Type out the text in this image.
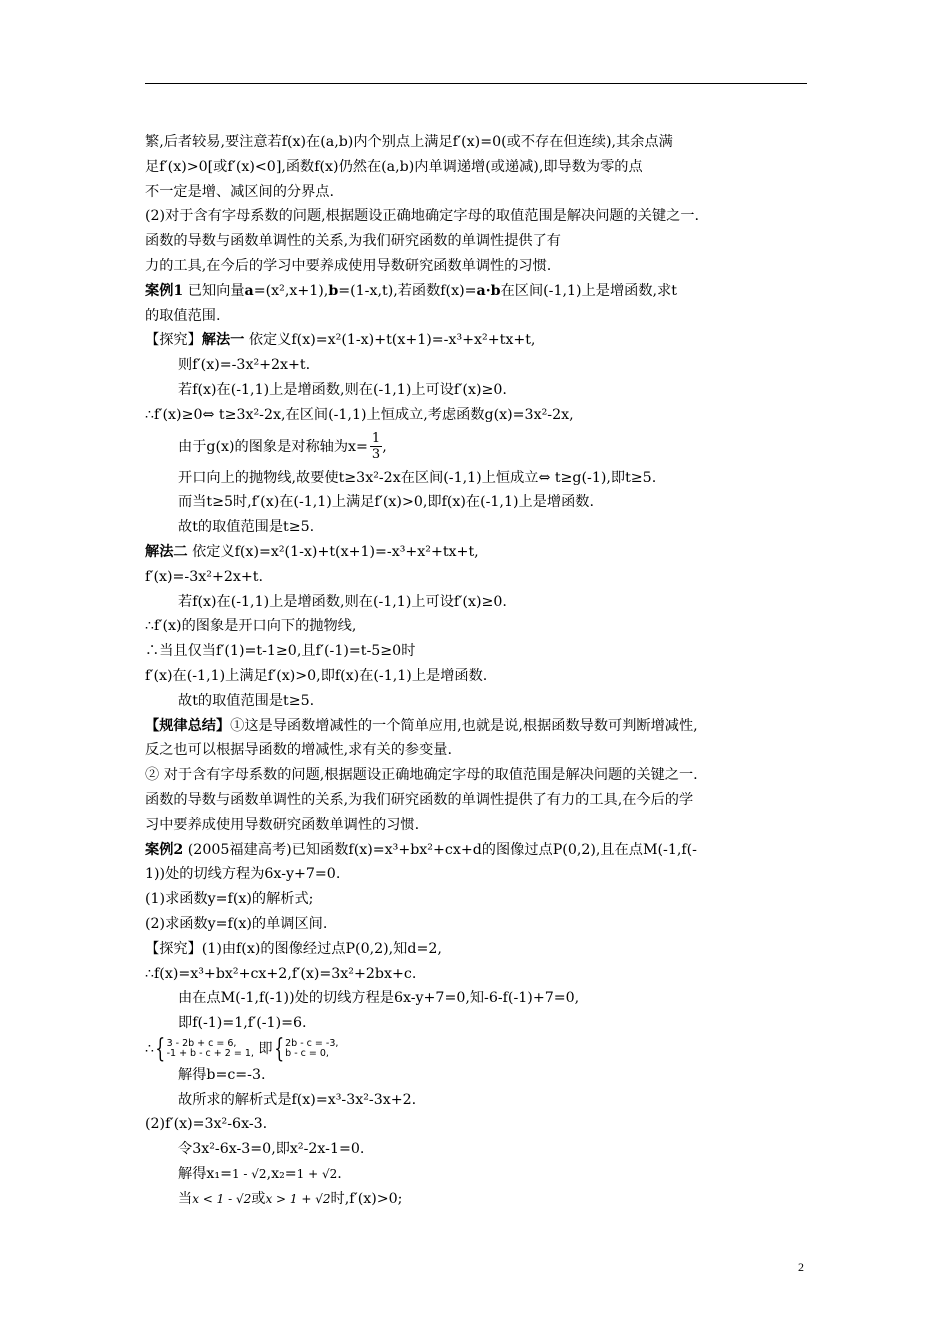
繁,后者较易,要注意若f(x)在(a,b)内个别点上满足f′(x)=0(或不存在但连续),其余点满
足f′(x)>0[或f′(x)<0],函数f(x)仍然在(a,b)内单调递增(或递减),即导数为零的点
不一定是增、减区间的分界点.
(2)对于含有字母系数的问题,根据题设正确地确定字母的取值范围是解决问题的关键之一.
函数的导数与函数单调性的关系,为我们研究函数的单调性提供了有
力的工具,在今后的学习中要养成使用导数研究函数单调性的习惯.
案例1 已知向量a=(x²,x+1),b=(1-x,t),若函数f(x)=a·b在区间(-1,1)上是增函数,求t
的取值范围.
【探究】解法一 依定义f(x)=x²(1-x)+t(x+1)=-x³+x²+tx+t,
则f′(x)=-3x²+2x+t.
若f(x)在(-1,1)上是增函数,则在(-1,1)上可设f′(x)≥0.
∴f′(x)≥0⇔ t≥3x²-2x,在区间(-1,1)上恒成立,考虑函数g(x)=3x²-2x,
由于g(x)的图象是对称轴为$x= \frac{1}{3}$ ,
开口向上的抛物线,故要使t≥3x²-2x在区间(-1,1)上恒成立⇔ t≥g(-1),即t≥5.
而当t≥5时,f′(x)在(-1,1)上满足f′(x)>0,即f(x)在(-1,1)上是增函数.
故t的取值范围是t≥5.
解法二 依定义f(x)=x²(1-x)+t(x+1)=-x³+x²+tx+t,
f′(x)=-3x²+2x+t.
若f(x)在(-1,1)上是增函数,则在(-1,1)上可设f′(x)≥0.
∴f′(x)的图象是开口向下的抛物线,
∴当且仅当f′(1)=t-1≥0,且f′(-1)=t-5≥0时
f′(x)在(-1,1)上满足f′(x)>0,即f(x)在(-1,1)上是增函数.
故t的取值范围是t≥5.
【规律总结】①这是导函数增减性的一个简单应用,也就是说,根据函数导数可判断增减性,
反之也可以根据导函数的增减性,求有关的参变量.
② 对于含有字母系数的问题,根据题设正确地确定字母的取值范围是解决问题的关键之一.
函数的导数与函数单调性的关系,为我们研究函数的单调性提供了有力的工具,在今后的学
习中要养成使用导数研究函数单调性的习惯.
案例2 (2005福建高考)已知函数f(x)=x³+bx²+cx+d的图像过点P(0,2),且在点M(-1,f(-
1))处的切线方程为6x-y+7=0.
(1)求函数y=f(x)的解析式;
(2)求函数y=f(x)的单调区间.
【探究】(1)由f(x)的图像经过点P(0,2),知d=2,
∴f(x)=x³+bx²+cx+2,f′(x)=3x²+2bx+c.
由在点M(-1,f(-1))处的切线方程是6x-y+7=0,知-6-f(-1)+7=0,
即f(-1)=1,f′(-1)=6.
∴{3 - 2b + c = 6,
-1 + b - c + 2 = 1, 即{2b - c = -3,
b - c = 0,
解得b=c=-3.
故所求的解析式是f(x)=x³-3x²-3x+2.
(2)f′(x)=3x²-6x-3.
令3x²-6x-3=0,即x²-2x-1=0.
解得x₁=1 - √2,x₂=1 + √2.
当x < 1 - √2或x > 1 + √2时,f′(x)>0;
2
